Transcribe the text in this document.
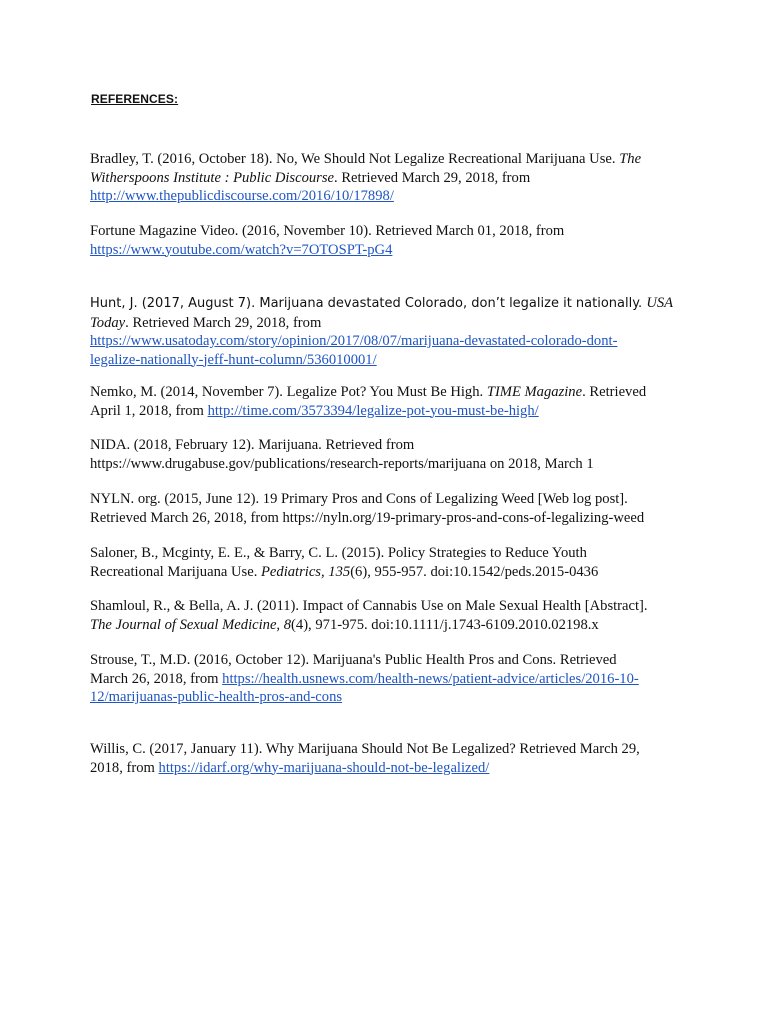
REFERENCES:
Bradley, T. (2016, October 18). No, We Should Not Legalize Recreational Marijuana Use. The
Witherspoons Institute : Public Discourse. Retrieved March 29, 2018, from
http://www.thepublicdiscourse.com/2016/10/17898/
Fortune Magazine Video. (2016, November 10). Retrieved March 01, 2018, from
https://www.youtube.com/watch?v=7OTOSPT-pG4
Hunt, J. (2017, August 7). Marijuana devastated Colorado, don’t legalize it nationally. USA
Today. Retrieved March 29, 2018, from
https://www.usatoday.com/story/opinion/2017/08/07/marijuana-devastated-colorado-dont-
legalize-nationally-jeff-hunt-column/536010001/
Nemko, M. (2014, November 7). Legalize Pot? You Must Be High. TIME Magazine. Retrieved
April 1, 2018, from http://time.com/3573394/legalize-pot-you-must-be-high/
NIDA. (2018, February 12). Marijuana. Retrieved from
https://www.drugabuse.gov/publications/research-reports/marijuana on 2018, March 1
NYLN. org. (2015, June 12). 19 Primary Pros and Cons of Legalizing Weed [Web log post].
Retrieved March 26, 2018, from https://nyln.org/19-primary-pros-and-cons-of-legalizing-weed
Saloner, B., Mcginty, E. E., & Barry, C. L. (2015). Policy Strategies to Reduce Youth
Recreational Marijuana Use. Pediatrics, 135(6), 955-957. doi:10.1542/peds.2015-0436
Shamloul, R., & Bella, A. J. (2011). Impact of Cannabis Use on Male Sexual Health [Abstract].
The Journal of Sexual Medicine, 8(4), 971-975. doi:10.1111/j.1743-6109.2010.02198.x
Strouse, T., M.D. (2016, October 12). Marijuana's Public Health Pros and Cons. Retrieved
March 26, 2018, from https://health.usnews.com/health-news/patient-advice/articles/2016-10-
12/marijuanas-public-health-pros-and-cons
Willis, C. (2017, January 11). Why Marijuana Should Not Be Legalized? Retrieved March 29,
2018, from https://idarf.org/why-marijuana-should-not-be-legalized/
